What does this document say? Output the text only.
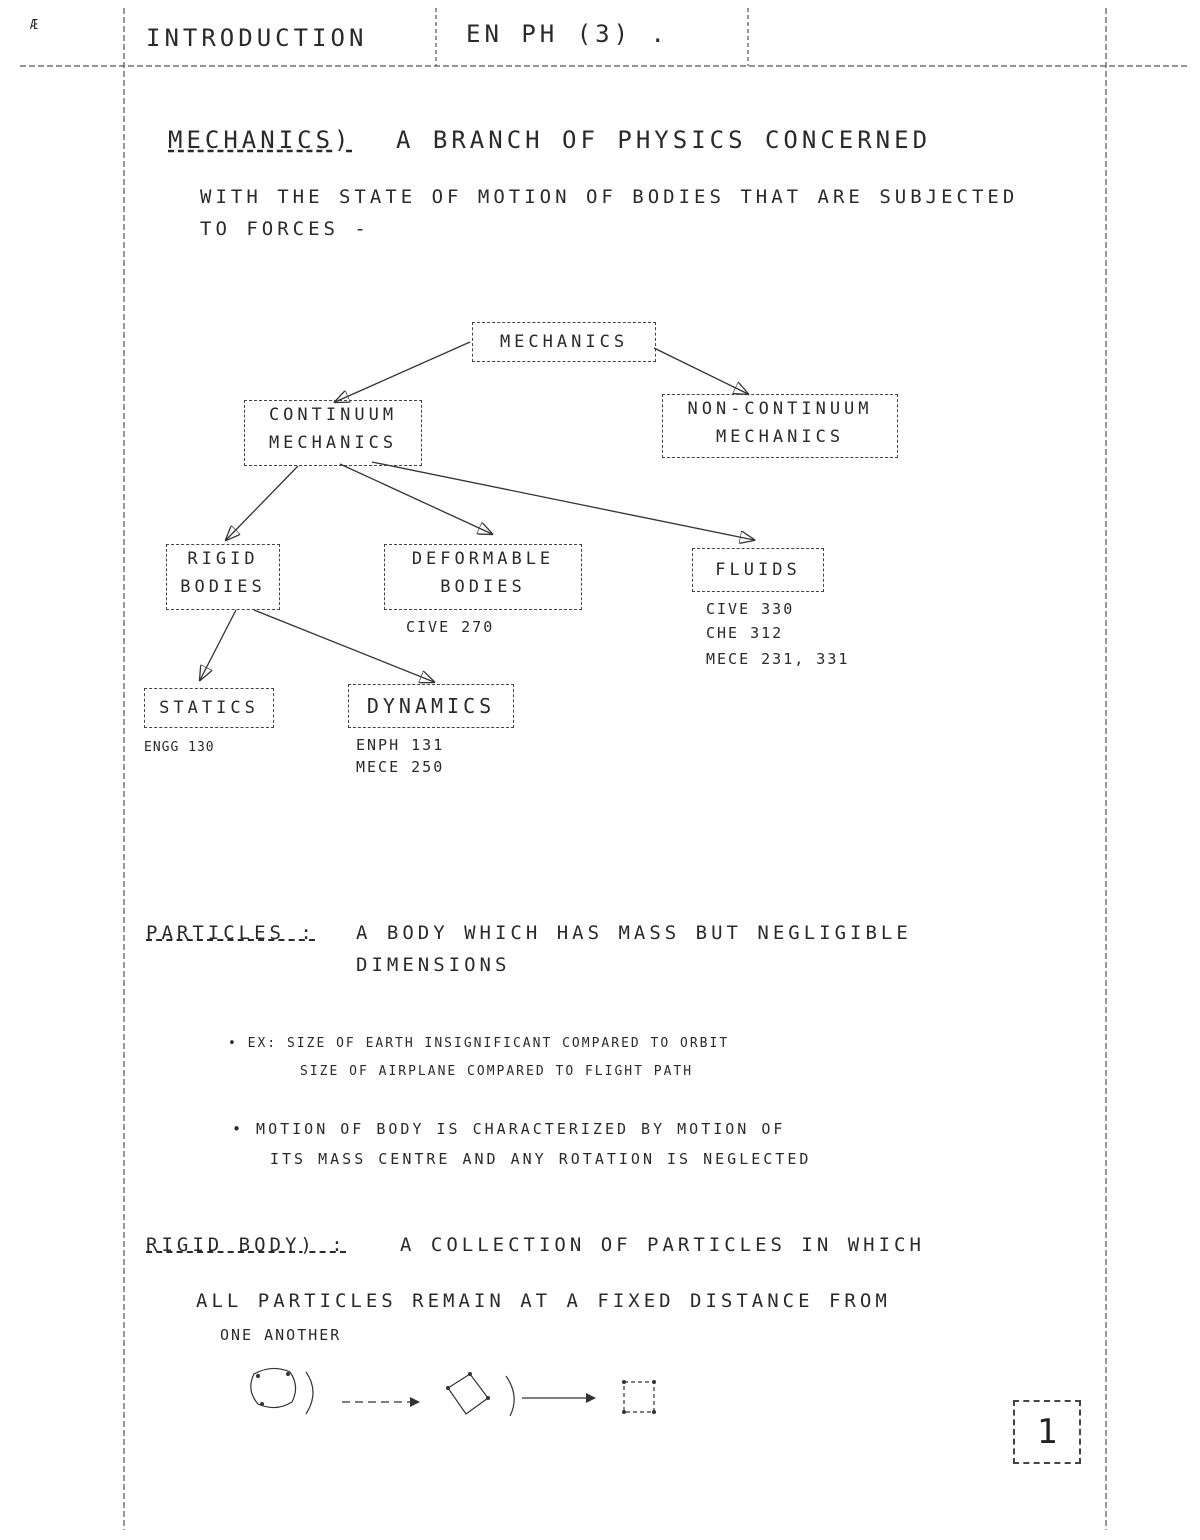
Æ	INTRODUCTION	EN PH (3) .
MECHANICS) A BRANCH OF PHYSICS CONCERNED
WITH THE STATE OF MOTION OF BODIES THAT ARE SUBJECTED
TO FORCES -
MECHANICS
CONTINUUM
MECHANICS
NON-CONTINUUM
MECHANICS
RIGID
BODIES
DEFORMABLE
BODIES
FLUIDS
STATICS	DYNAMICS
CIVE 270
CIVE 330
CHE 312
MECE 231, 331
ENGG 130	ENPH 131
MECE 250
PARTICLES : A BODY WHICH HAS MASS BUT NEGLIGIBLE
DIMENSIONS
• EX: SIZE OF EARTH INSIGNIFICANT COMPARED TO ORBIT
SIZE OF AIRPLANE COMPARED TO FLIGHT PATH
• MOTION OF BODY IS CHARACTERIZED BY MOTION OF
ITS MASS CENTRE AND ANY ROTATION IS NEGLECTED
RIGID BODY) :	A COLLECTION OF PARTICLES IN WHICH
ALL PARTICLES REMAIN AT A FIXED DISTANCE FROM
ONE ANOTHER
1
